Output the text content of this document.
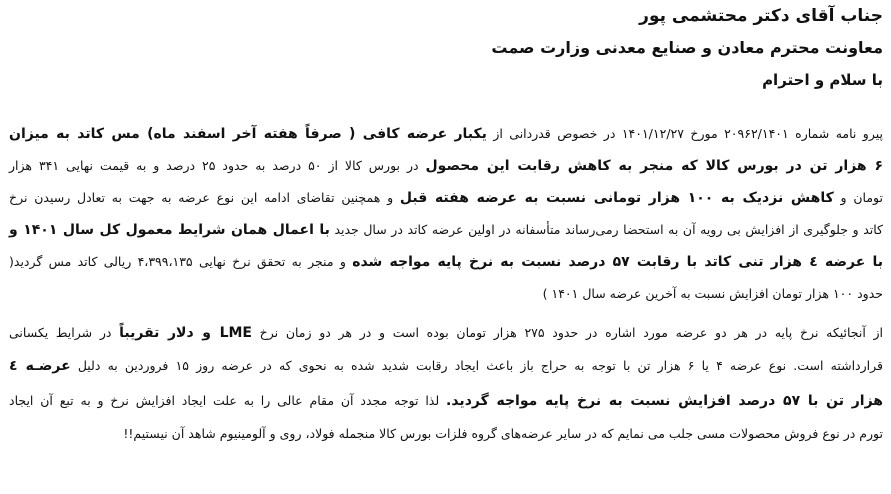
جناب آقای دکتر محتشمی پور
معاونت محترم معادن و صنایع معدنی وزارت صمت
با سلام و احترام
پیرو نامه شماره ۲۰۹۶۲/۱۴۰۱ مورخ ۱۴۰۱/۱۲/۲۷ در خصوص قدردانی از یکبار عرضه کافی ( صرفاً هفته آخر اسفند ماه) مس کاتد به میزان
۶ هزار تن در بورس کالا که منجر به کاهش رقابت این محصول در بورس کالا از ۵۰ درصد به حدود ۲۵ درصد و به قیمت نهایی ۳۴۱ هزار
تومان و کاهش نزدیک به ۱۰۰ هزار تومانی نسبت به عرضه هفته قبل و همچنین تقاضای ادامه این نوع عرضه به جهت به تعادل رسیدن نرخ
کاتد و جلوگیری از افزایش بی رویه آن به استحضا رمی‌رساند متأسفانه در اولین عرضه کاتد در سال جدید با اعمال همان شرایط معمول کل سال ۱۴۰۱ و
با عرضه ٤ هزار تنی کاتد با رقابت ۵۷ درصد نسبت به نرخ پایه مواجه شده و منجر به تحقق نرخ نهایی ۴،۳۹۹،۱۳۵ ریالی کاتد مس گردید(
حدود ۱۰۰ هزار تومان افزایش نسبت به آخرین عرضه سال ۱۴۰۱ )
از آنجائیکه نرخ پایه در هر دو عرضه مورد اشاره در حدود ۲۷۵ هزار تومان بوده است و در هر دو زمان نرخ LME و دلار تقریباً در شرایط یکسانی
قرارداشته است. نوع عرضه ۴ یا ۶ هزار تن با توجه به حراج باز باعث ایجاد رقابت شدید شده به نحوی که در عرضه روز ۱۵ فروردین به دلیل عرضـه ٤
هزار تن با ۵۷ درصد افزایش نسبت به نرخ پایه مواجه گردید. لذا توجه مجدد آن مقام عالی را به علت ایجاد افزایش نرخ و به تبع آن ایجاد
تورم در نوع فروش محصولات مسی جلب می نمایم که در سایر عرضه‌های گروه فلزات بورس کالا منجمله فولاد، روی و آلومینیوم شاهد آن نیستیم!!
